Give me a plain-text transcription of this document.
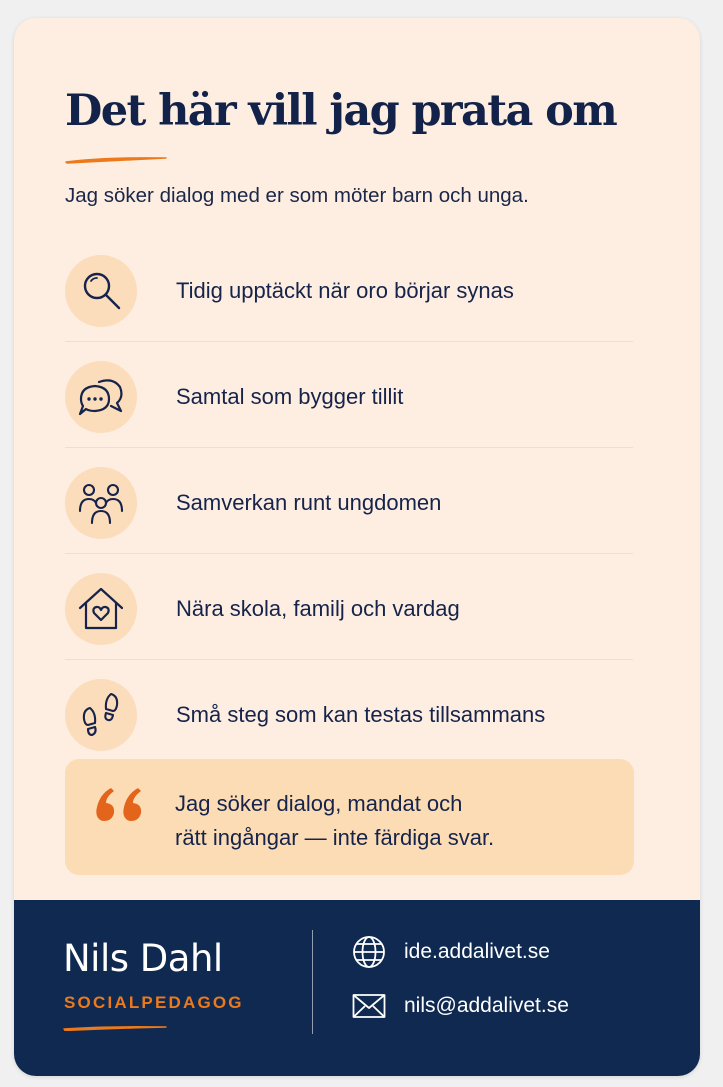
Det här vill jag prata om
Jag söker dialog med er som möter barn och unga.
Tidig upptäckt när oro börjar synas
Samtal som bygger tillit
Samverkan runt ungdomen
Nära skola, familj och vardag
Små steg som kan testas tillsammans
Jag söker dialog, mandat och
rätt ingångar — inte färdiga svar.
Nils Dahl
SOCIALPEDAGOG
ide.addalivet.se
nils@addalivet.se
